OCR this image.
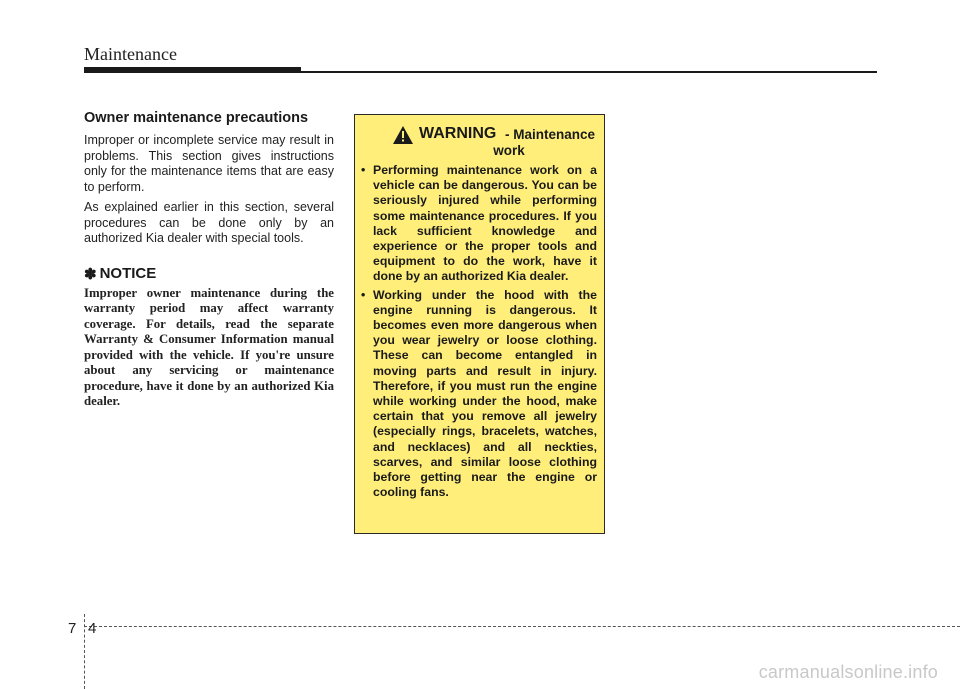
Maintenance
Owner maintenance precautions

Improper or incomplete service may result in problems. This section gives instructions only for the maintenance items that are easy to perform.

As explained earlier in this section, several procedures can be done only by an authorized Kia dealer with special tools.

✽ NOTICE

Improper owner maintenance during the warranty period may affect warranty coverage. For details, read the separate Warranty & Consumer Information manual provided with the vehicle. If you're unsure about any servicing or maintenance procedure, have it done by an authorized Kia dealer.

WARNING - Maintenance
work
• Performing maintenance work on a vehicle can be dangerous. You can be seriously injured while performing some maintenance procedures. If you lack sufficient knowledge and experience or the proper tools and equipment to do the work, have it done by an authorized Kia dealer.
• Working under the hood with the engine running is dangerous. It becomes even more dangerous when you wear jewelry or loose clothing. These can become entangled in moving parts and result in injury. Therefore, if you must run the engine while working under the hood, make certain that you remove all jewelry (especially rings, bracelets, watches, and necklaces) and all neckties, scarves, and similar loose clothing before getting near the engine or cooling fans.
7 4
carmanualsonline.info
